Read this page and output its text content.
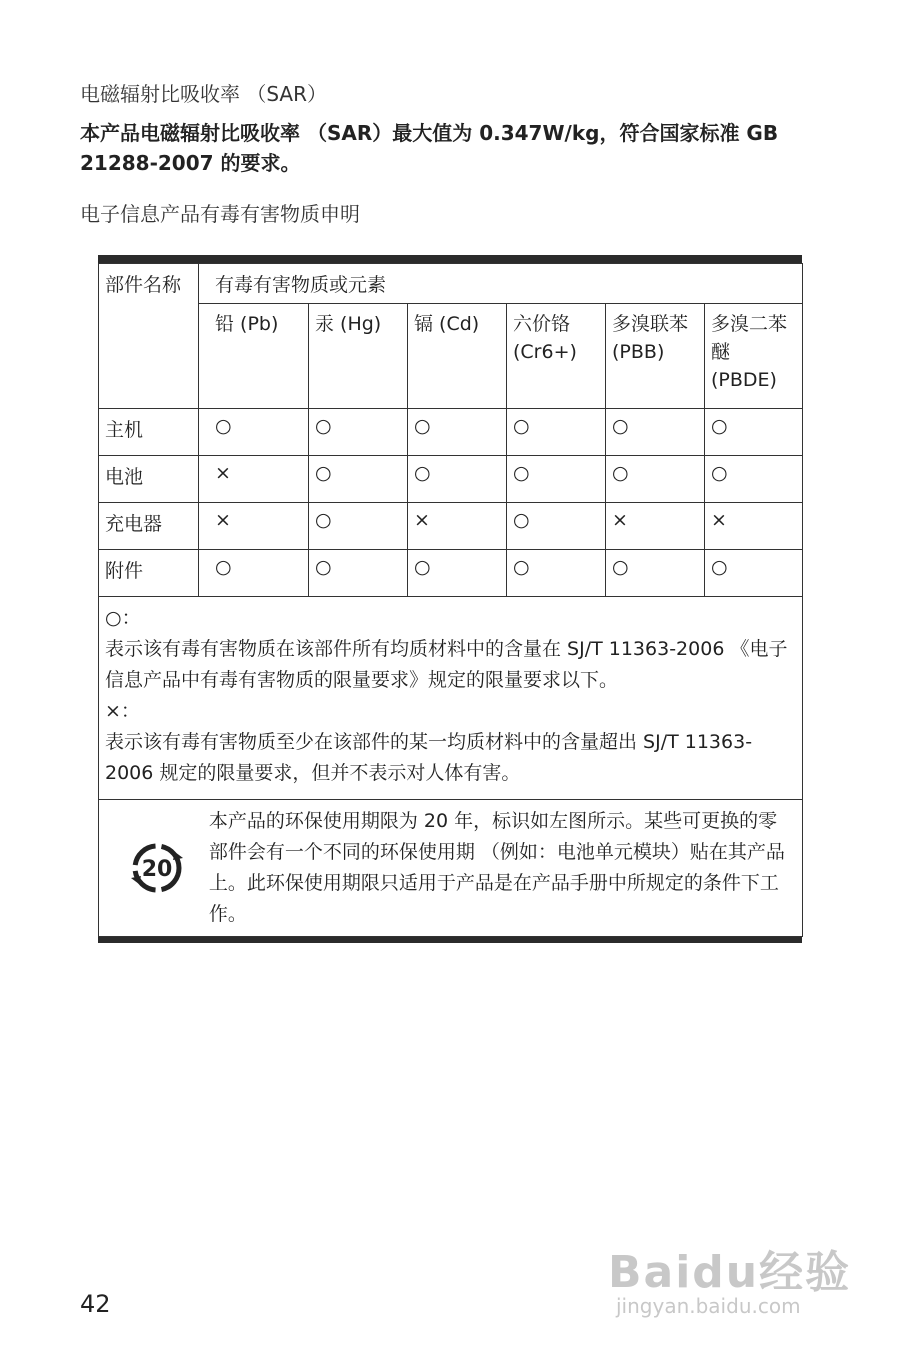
电磁辐射比吸收率 （SAR）
本产品电磁辐射比吸收率 （SAR）最大值为 0.347W/kg，符合国家标准 GB 21288-2007 的要求。
电子信息产品有毒有害物质申明
部件名称	有毒有害物质或元素					
	铅 (Pb)	汞 (Hg)	镉 (Cd)	六价铬 (Cr6+)	多溴联苯 (PBB)	多溴二苯醚 (PBDE)
主机	○	○	○	○	○	○
电池	×	○	○	○	○	○
充电器	×	○	×	○	×	×
附件	○	○	○	○	○	○

○：
表示该有毒有害物质在该部件所有均质材料中的含量在 SJ/T 11363-2006 《电子信息产品中有毒有害物质的限量要求》规定的限量要求以下。
×：
表示该有毒有害物质至少在该部件的某一均质材料中的含量超出 SJ/T 11363-2006 规定的限量要求，但并不表示对人体有害。						

20
本产品的环保使用期限为 20 年，标识如左图所示。某些可更换的零部件会有一个不同的环保使用期 （例如：电池单元模块）贴在其产品上。此环保使用期限只适用于产品是在产品手册中所规定的条件下工作。						
42
Baidu经验
jingyan.baidu.com
